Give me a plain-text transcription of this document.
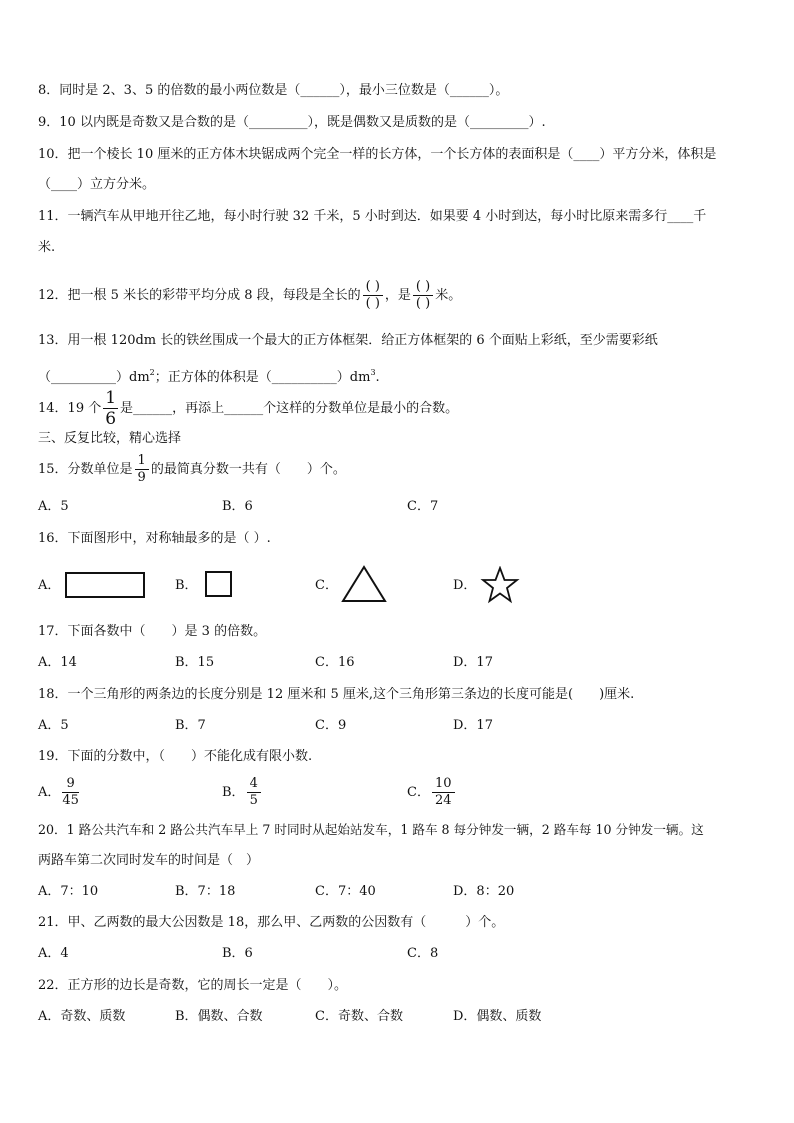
8．同时是 2、3、5 的倍数的最小两位数是（______），最小三位数是（______）。
9．10 以内既是奇数又是合数的是（_________），既是偶数又是质数的是（_________）.
10．把一个棱长 10 厘米的正方体木块锯成两个完全一样的长方体，一个长方体的表面积是（____）平方分米，体积是
（____）立方分米。
11．一辆汽车从甲地开往乙地，每小时行驶 32 千米，5 小时到达．如果要 4 小时到达，每小时比原来需多行____千
米.
12．把一根 5 米长的彩带平均分成 8 段，每段是全长的 $\frac{( )}{( )}$ ，是 $\frac{( )}{( )}$ 米。
13．用一根 120dm 长的铁丝围成一个最大的正方体框架．给正方体框架的 6 个面贴上彩纸，至少需要彩纸
$(\_\_\_\_\_\_\_\_\_\_)dm^2$；正方体的体积是$(\_\_\_\_\_\_\_\_\_\_)dm^3$.
14．19 个 $\frac{1}{6}$ 是______，再添上______个这样的分数单位是最小的合数。
三、反复比较，精心选择
15．分数单位是 $\frac{1}{9}$ 的最简真分数一共有（　　）个。
A．5	B．6	C．7
16．下面图形中，对称轴最多的是（ ）.
A．	B．	C．	D．
17．下面各数中（　　）是 3 的倍数。
A．14	B．15	C．16	D．17
18．一个三角形的两条边的长度分别是 12 厘米和 5 厘米,这个三角形第三条边的长度可能是(　　)厘米.
A．5	B．7	C．9	D．17
19．下面的分数中，（　　）不能化成有限小数.
A． $\frac{9}{45}$	B． $\frac{4}{5}$	C． $\frac{10}{24}$
20．1 路公共汽车和 2 路公共汽车早上 7 时同时从起始站发车，1 路车 8 每分钟发一辆，2 路车每 10 分钟发一辆。这
两路车第二次同时发车的时间是（　）
A．7：10	B．7：18	C．7：40	D．8：20
21．甲、乙两数的最大公因数是 18，那么甲、乙两数的公因数有（　　　）个。
A．4	B．6	C．8
22．正方形的边长是奇数，它的周长一定是（　　）。
A．奇数、质数	B．偶数、合数	C．奇数、合数	D．偶数、质数
